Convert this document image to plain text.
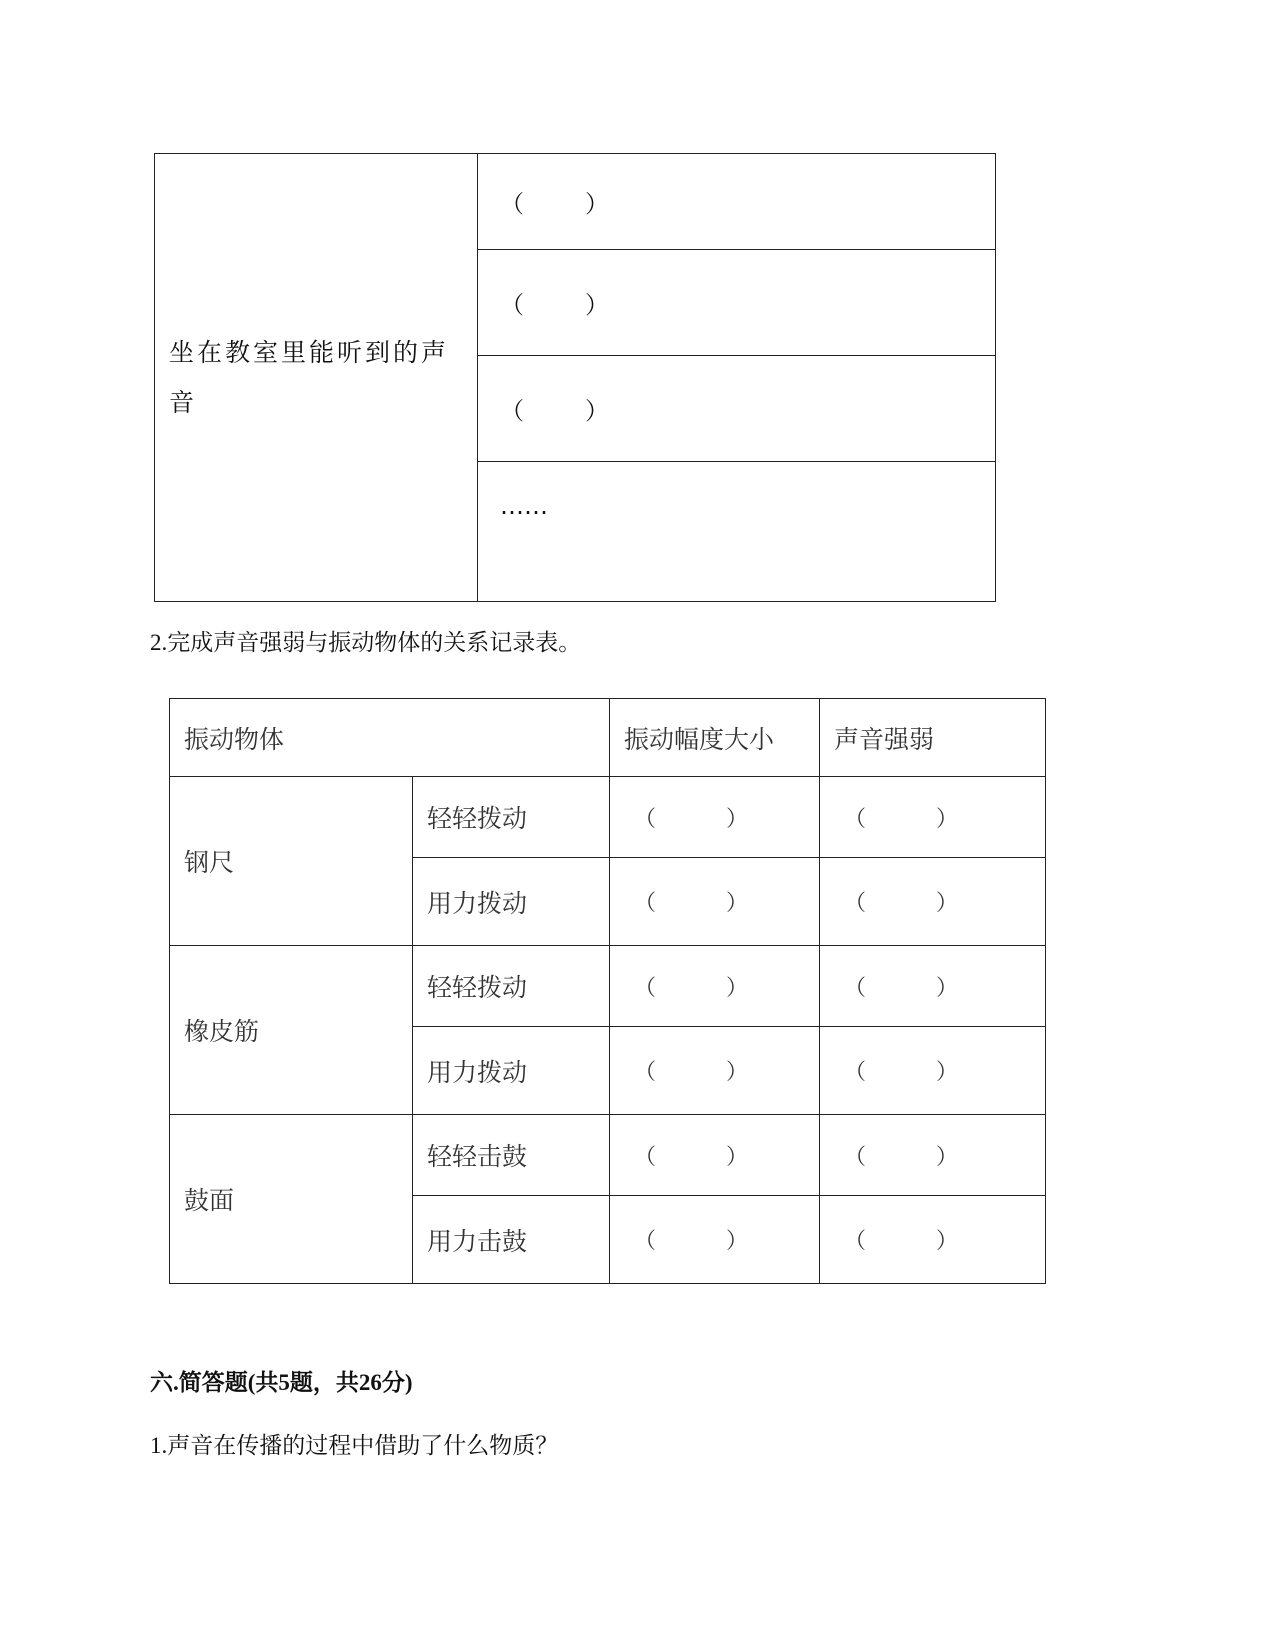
坐在教室里能听到的声音	（        ）
（        ）
（        ）
……
2.完成声音强弱与振动物体的关系记录表。
振动物体		振动幅度大小	声音强弱
钢尺	轻轻拨动	（          ）	（          ）
	用力拨动	（          ）	（          ）
橡皮筋	轻轻拨动	（          ）	（          ）
	用力拨动	（          ）	（          ）
鼓面	轻轻击鼓	（          ）	（          ）
	用力击鼓	（          ）	（          ）
六.简答题(共5题，共26分)
1.声音在传播的过程中借助了什么物质？
